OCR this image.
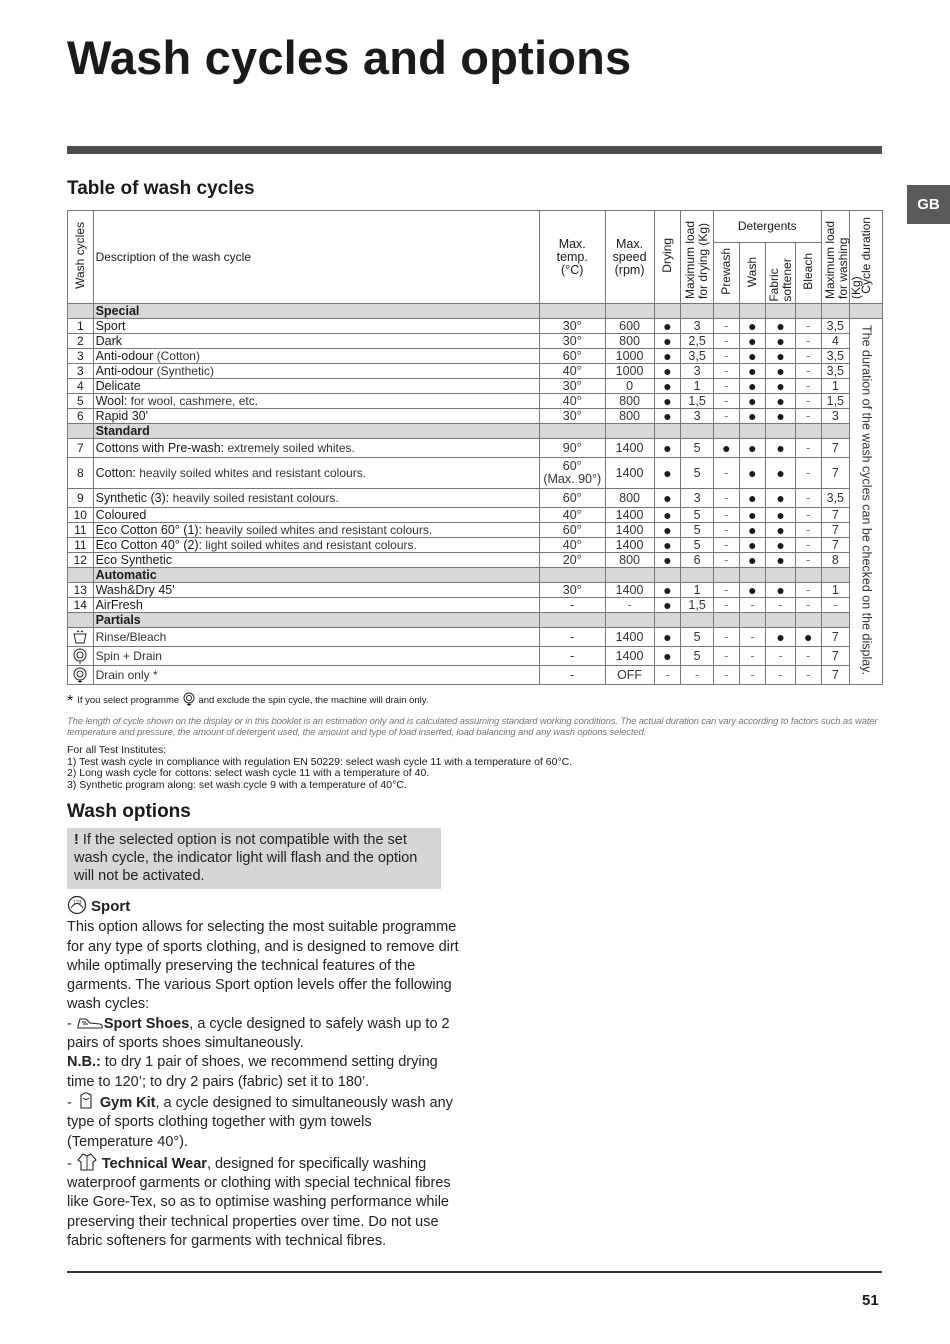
Wash cycles and options
GB
Table of wash cycles
Wash cycles	Description of the wash cycle	Max. temp. (°C)	Max. speed (rpm)	Drying	Maximum load for drying (Kg)	Detergents				Maximum load for washing (Kg)	Cycle duration
						Prewash	Wash	Fabric softener	Bleach		
	Special										
1	Sport	30°	600	●	3	-	●	●	-	3,5	The duration of the wash cycles can be checked on the display.
2	Dark	30°	800	●	2,5	-	●	●	-	4	
3	Anti-odour (Cotton)	60°	1000	●	3,5	-	●	●	-	3,5	
3	Anti-odour (Synthetic)	40°	1000	●	3	-	●	●	-	3,5	
4	Delicate	30°	0	●	1	-	●	●	-	1	
5	Wool: for wool, cashmere, etc.	40°	800	●	1,5	-	●	●	-	1,5	
6	Rapid 30'	30°	800	●	3	-	●	●	-	3	
	Standard										
7	Cottons with Pre-wash: extremely soiled whites.	90°	1400	●	5	●	●	●	-	7	
8	Cotton: heavily soiled whites and resistant colours.	60°
(Max. 90°)	1400	●	5	-	●	●	-	7	
9	Synthetic (3): heavily soiled resistant colours.	60°	800	●	3	-	●	●	-	3,5	
10	Coloured	40°	1400	●	5	-	●	●	-	7	
11	Eco Cotton 60° (1): heavily soiled whites and resistant colours.	60°	1400	●	5	-	●	●	-	7	
11	Eco Cotton 40° (2): light soiled whites and resistant colours.	40°	1400	●	5	-	●	●	-	7	
12	Eco Synthetic	20°	800	●	6	-	●	●	-	8	
	Automatic										
13	Wash&Dry 45'	30°	1400	●	1	-	●	●	-	1	
14	AirFresh	-	-	●	1,5	-	-	-	-	-	
	Partials										
	Rinse/Bleach	-	1400	●	5	-	-	●	●	7	
	Spin + Drain	-	1400	●	5	-	-	-	-	7	
	Drain only *	-	OFF	-	-	-	-	-	-	7	
* If you select programme and exclude the spin cycle, the machine will drain only.
The length of cycle shown on the display or in this booklet is an estimation only and is calculated assuming standard working conditions. The actual duration can vary according to factors such as water temperature and pressure, the amount of detergent used, the amount and type of load inserted, load balancing and any wash options selected.
For all Test Institutes:
1) Test wash cycle in compliance with regulation EN 50229: select wash cycle 11 with a temperature of 60°C.
2) Long wash cycle for cottons: select wash cycle 11 with a temperature of 40.
3) Synthetic program along: set wash cycle 9 with a temperature of 40°C.
Wash options
! If the selected option is not compatible with the set wash cycle, the indicator light will flash and the option will not be activated.
123 Sport
This option allows for selecting the most suitable programme for any type of sports clothing, and is designed to remove dirt while optimally preserving the technical features of the garments. The various Sport option levels offer the following wash cycles:
- Sport Shoes, a cycle designed to safely wash up to 2 pairs of sports shoes simultaneously.
N.B.: to dry 1 pair of shoes, we recommend setting drying time to 120’; to dry 2 pairs (fabric) set it to 180’.
-  Gym Kit, a cycle designed to simultaneously wash any type of sports clothing together with gym towels (Temperature 40°).
-  Technical Wear, designed for specifically washing waterproof garments or clothing with special technical fibres like Gore-Tex, so as to optimise washing performance while preserving their technical properties over time. Do not use fabric softeners for garments with technical fibres.
51
